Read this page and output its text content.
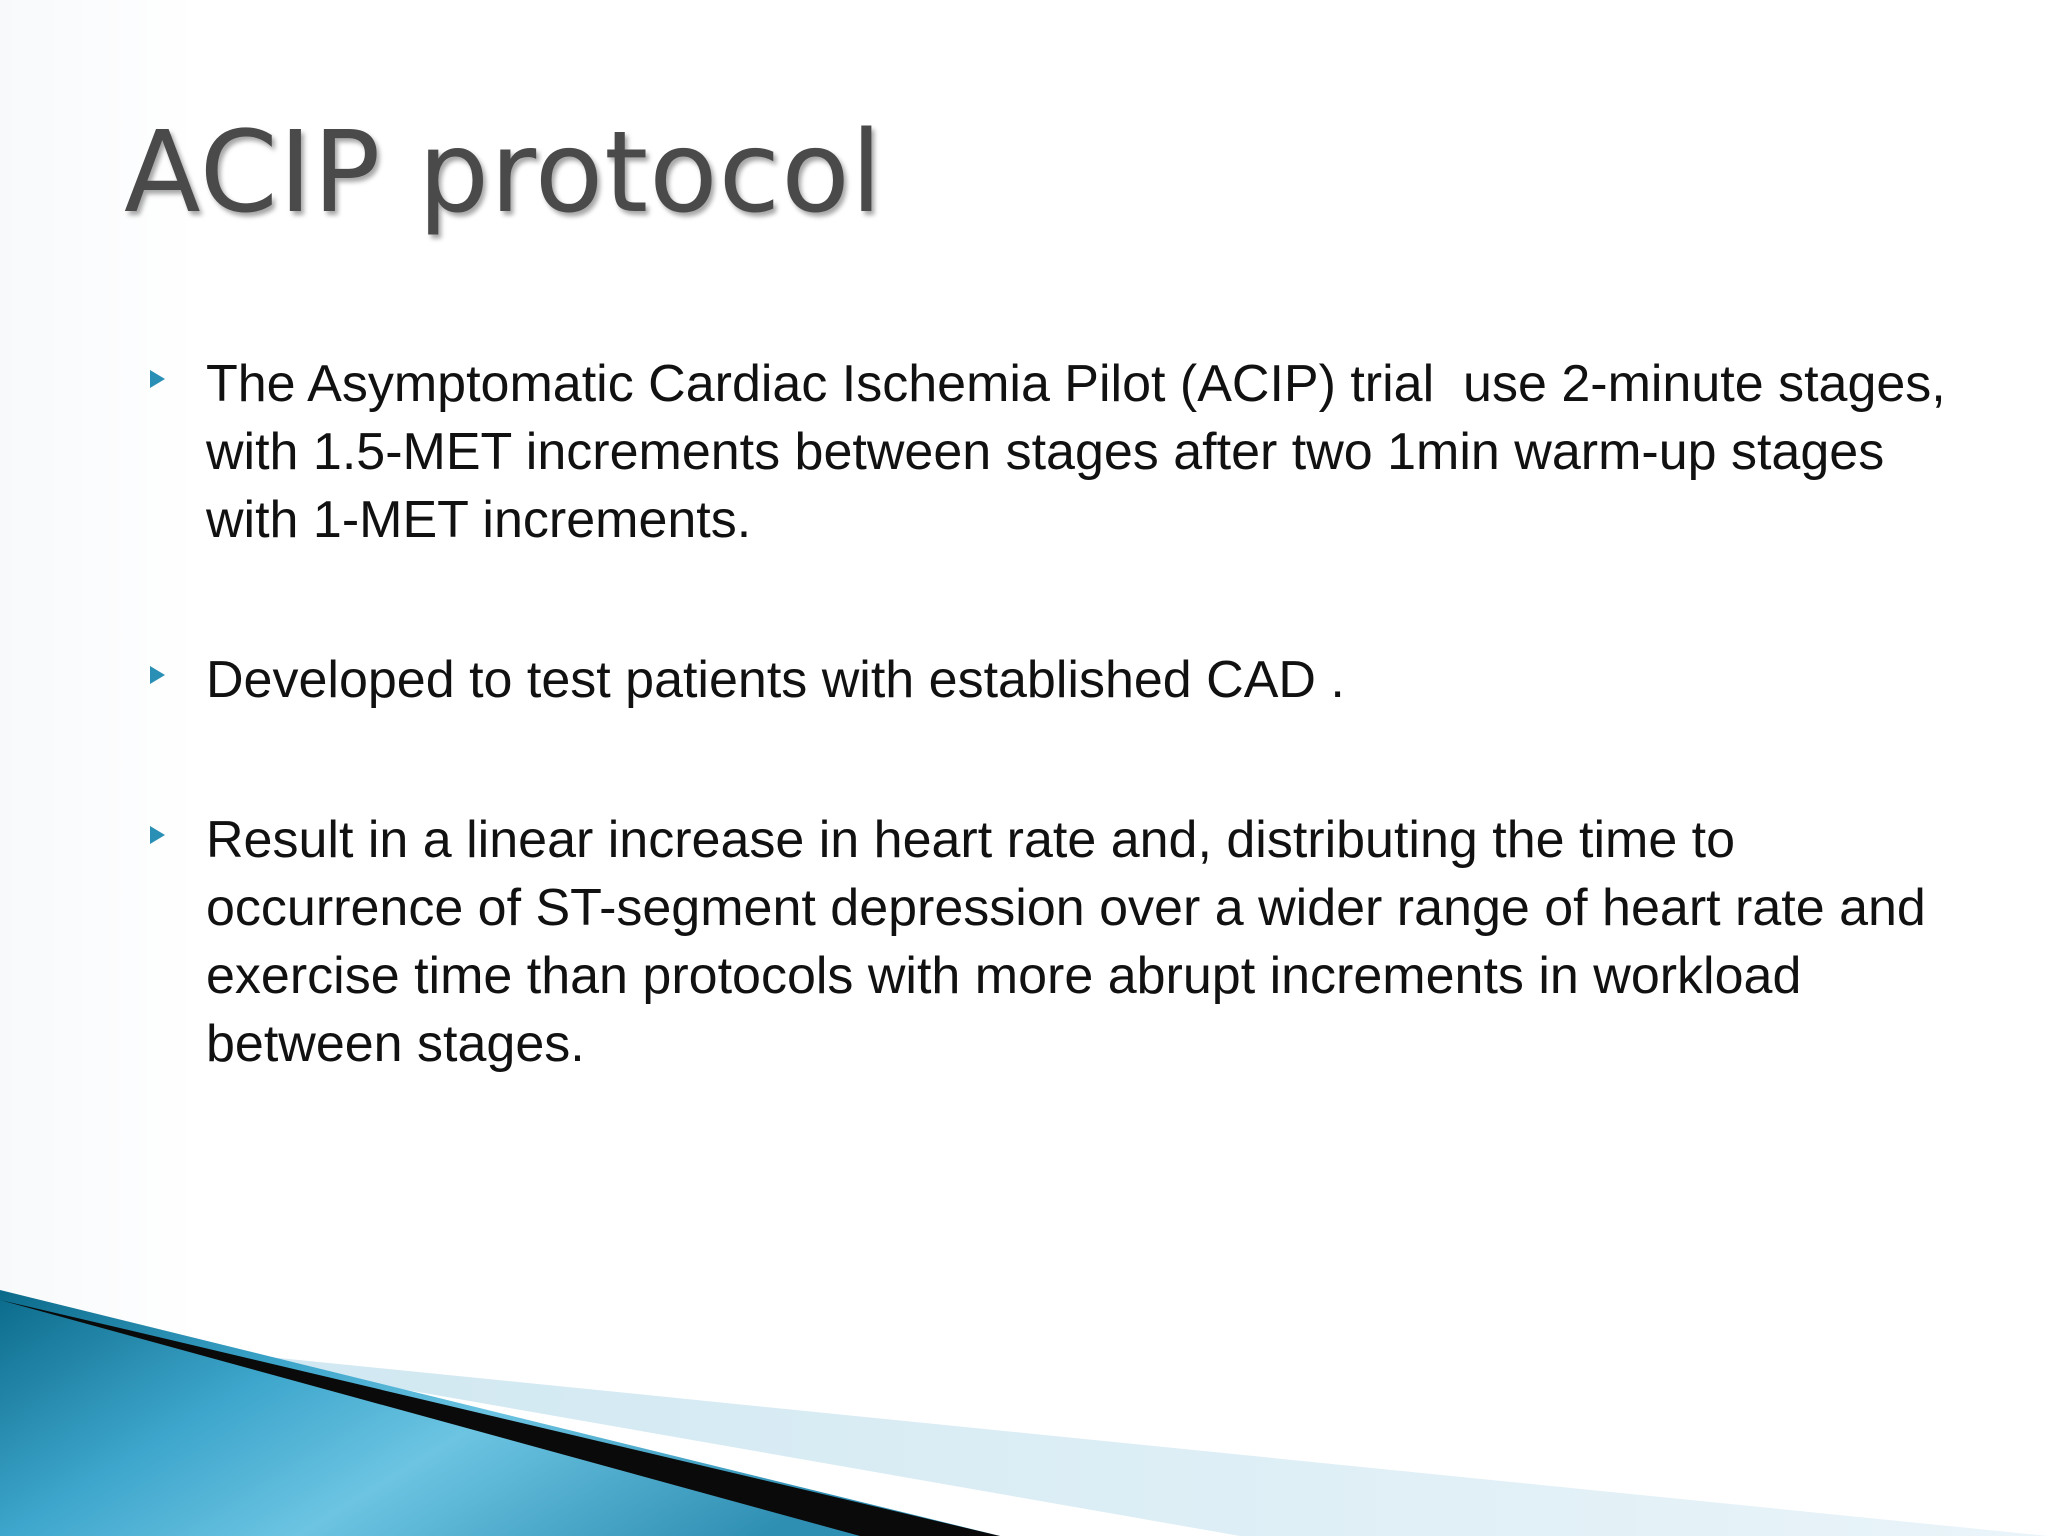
ACIP protocol
The Asymptomatic Cardiac Ischemia Pilot (ACIP) trial  use 2-minute stages, with 1.5-MET increments between stages after two 1min warm-up stages with 1-MET increments.
Developed to test patients with established CAD .
Result in a linear increase in heart rate and, distributing the time to occurrence of ST-segment depression over a wider range of heart rate and exercise time than protocols with more abrupt increments in workload between stages.
